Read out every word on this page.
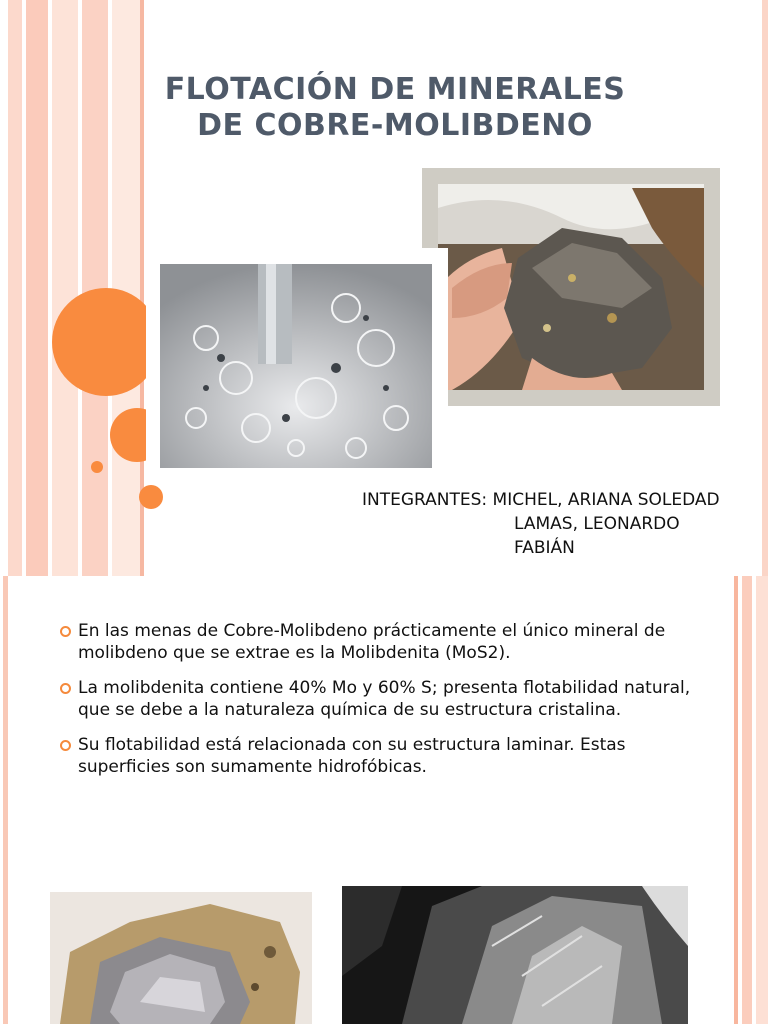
FLOTACIÓN DE MINERALES DE COBRE-MOLIBDENO
INTEGRANTES: MICHEL, ARIANA SOLEDAD
LAMAS, LEONARDO FABIÁN
En las menas de Cobre-Molibdeno prácticamente el único mineral de molibdeno que se extrae es la Molibdenita (MoS2).
La molibdenita contiene 40% Mo y 60% S; presenta flotabilidad natural, que se debe a la naturaleza química de su estructura cristalina.
Su flotabilidad está relacionada con su estructura laminar. Estas superficies son sumamente hidrofóbicas.
